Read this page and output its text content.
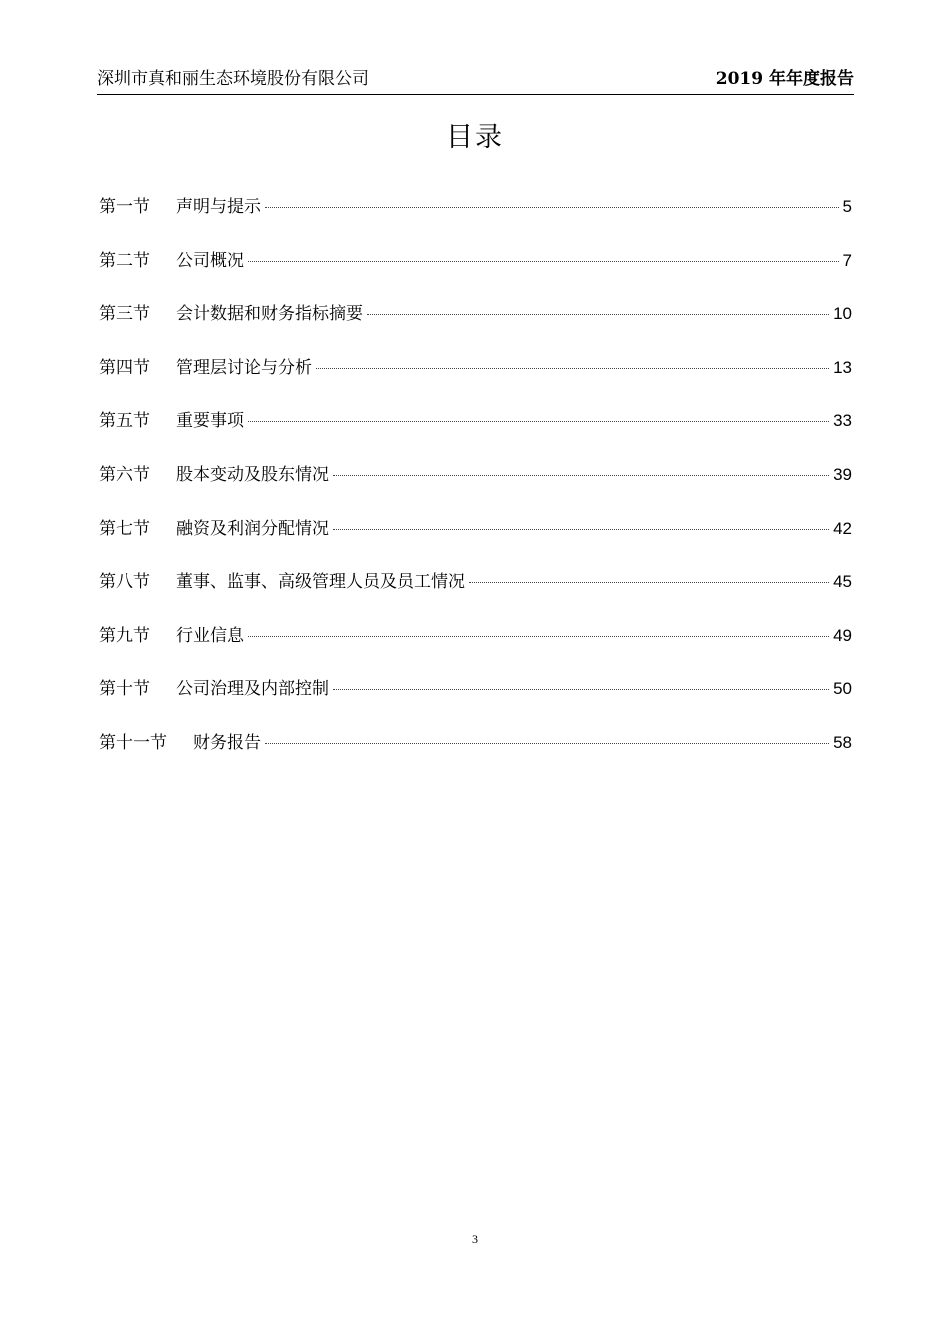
深圳市真和丽生态环境股份有限公司	2019 年年度报告
目录
第一节 声明与提示	5
第二节 公司概况	7
第三节 会计数据和财务指标摘要	10
第四节 管理层讨论与分析	13
第五节 重要事项	33
第六节 股本变动及股东情况	39
第七节 融资及利润分配情况	42
第八节 董事、监事、高级管理人员及员工情况	45
第九节 行业信息	49
第十节 公司治理及内部控制	50
第十一节 财务报告	58
3
